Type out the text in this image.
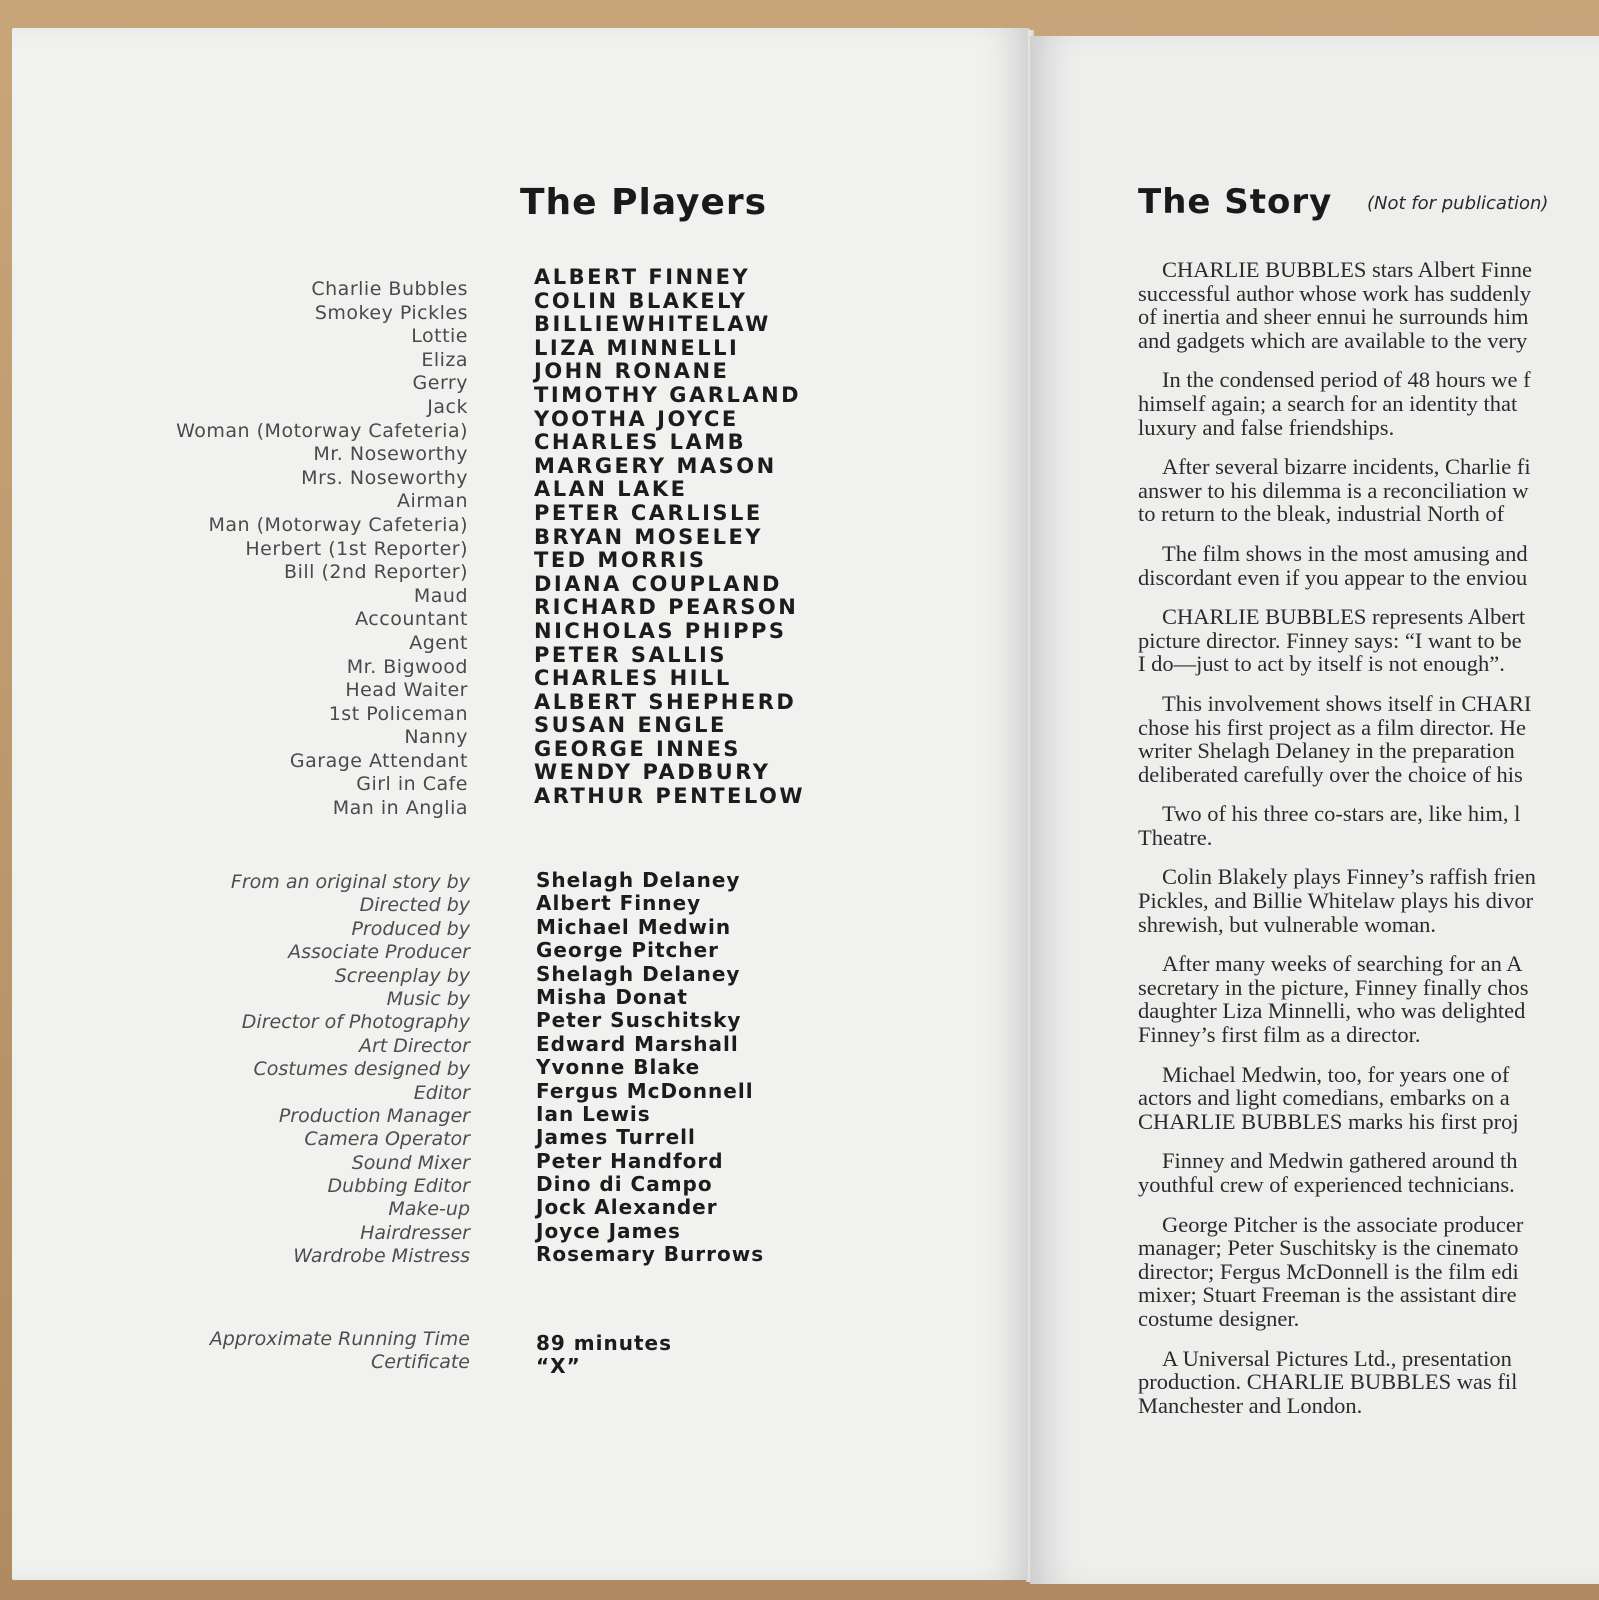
The Players
Charlie Bubbles
Smokey Pickles
Lottie
Eliza
Gerry
Jack
Woman (Motorway Cafeteria)
Mr. Noseworthy
Mrs. Noseworthy
Airman
Man (Motorway Cafeteria)
Herbert (1st Reporter)
Bill (2nd Reporter)
Maud
Accountant
Agent
Mr. Bigwood
Head Waiter
1st Policeman
Nanny
Garage Attendant
Girl in Cafe
Man in Anglia
ALBERT FINNEY
COLIN BLAKELY
BILLIEWHITELAW
LIZA MINNELLI
JOHN RONANE
TIMOTHY GARLAND
YOOTHA JOYCE
CHARLES LAMB
MARGERY MASON
ALAN LAKE
PETER CARLISLE
BRYAN MOSELEY
TED MORRIS
DIANA COUPLAND
RICHARD PEARSON
NICHOLAS PHIPPS
PETER SALLIS
CHARLES HILL
ALBERT SHEPHERD
SUSAN ENGLE
GEORGE INNES
WENDY PADBURY
ARTHUR PENTELOW
From an original story by
Directed by
Produced by
Associate Producer
Screenplay by
Music by
Director of Photography
Art Director
Costumes designed by
Editor
Production Manager
Camera Operator
Sound Mixer
Dubbing Editor
Make-up
Hairdresser
Wardrobe Mistress
Shelagh Delaney
Albert Finney
Michael Medwin
George Pitcher
Shelagh Delaney
Misha Donat
Peter Suschitsky
Edward Marshall
Yvonne Blake
Fergus McDonnell
Ian Lewis
James Turrell
Peter Handford
Dino di Campo
Jock Alexander
Joyce James
Rosemary Burrows
Approximate Running Time
Certificate
89 minutes
“X”
The Story (Not for publication)

CHARLIE BUBBLES stars Albert Finne
successful author whose work has suddenly
of inertia and sheer ennui he surrounds him
and gadgets which are available to the very

In the condensed period of 48 hours we f
himself again; a search for an identity that
luxury and false friendships.

After several bizarre incidents, Charlie fi
answer to his dilemma is a reconciliation w
to return to the bleak, industrial North of

The film shows in the most amusing and
discordant even if you appear to the enviou

CHARLIE BUBBLES represents Albert
picture director. Finney says: “I want to be
I do—just to act by itself is not enough”.

This involvement shows itself in CHARI
chose his first project as a film director. He
writer Shelagh Delaney in the preparation
deliberated carefully over the choice of his

Two of his three co-stars are, like him, l
Theatre.

Colin Blakely plays Finney’s raffish frien
Pickles, and Billie Whitelaw plays his divor
shrewish, but vulnerable woman.

After many weeks of searching for an A
secretary in the picture, Finney finally chos
daughter Liza Minnelli, who was delighted
Finney’s first film as a director.

Michael Medwin, too, for years one of
actors and light comedians, embarks on a
CHARLIE BUBBLES marks his first proj

Finney and Medwin gathered around th
youthful crew of experienced technicians.

George Pitcher is the associate producer
manager; Peter Suschitsky is the cinemato
director; Fergus McDonnell is the film edi
mixer; Stuart Freeman is the assistant dire
costume designer.

A Universal Pictures Ltd., presentation
production. CHARLIE BUBBLES was fil
Manchester and London.
